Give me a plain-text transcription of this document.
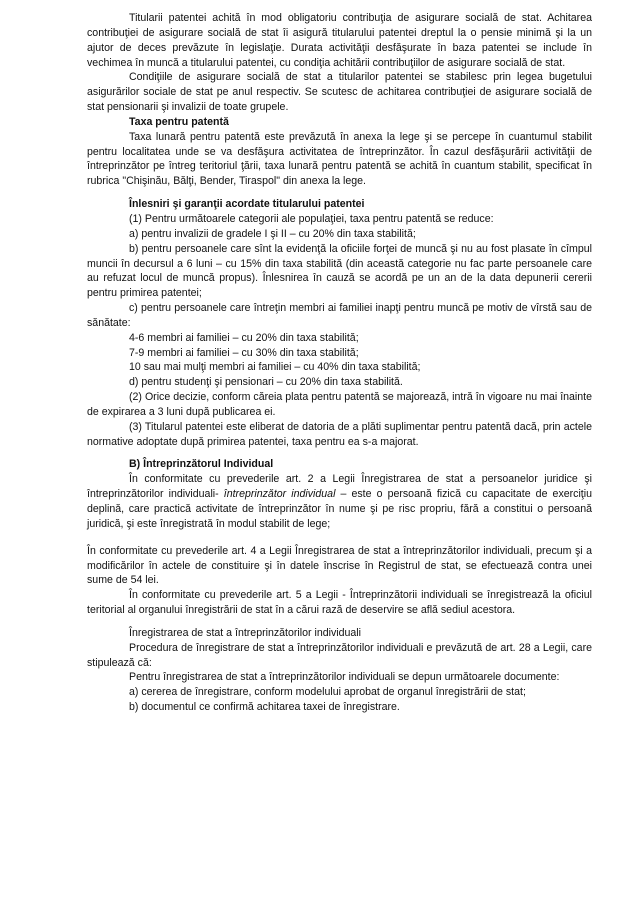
Titularii patentei achită în mod obligatoriu contribuţia de asigurare socială de stat. Achitarea contribuţiei de asigurare socială de stat îi asigură titularului patentei dreptul la o pensie minimă şi la un ajutor de deces prevăzute în legislaţie. Durata activităţii desfăşurate în baza patentei se include în vechimea în muncă a titularului patentei, cu condiţia achitării contribuţiilor de asigurare socială de stat.

Condiţiile de asigurare socială de stat a titularilor patentei se stabilesc prin legea bugetului asigurărilor sociale de stat pe anul respectiv. Se scutesc de achitarea contribuţiei de asigurare socială de stat pensionarii şi invalizii de toate grupele.

Taxa pentru patentă

Taxa lunară pentru patentă este prevăzută în anexa la lege şi se percepe în cuantumul stabilit pentru localitatea unde se va desfăşura activitatea de întreprinzător. În cazul desfăşurării activităţii de întreprinzător pe întreg teritoriul ţării, taxa lunară pentru patentă se achită în cuantum stabilit, specificat în rubrica "Chişinău, Bălţi, Bender, Tiraspol" din anexa la lege.

Înlesniri şi garanţii acordate titularului patentei

(1) Pentru următoarele categorii ale populaţiei, taxa pentru patentă se reduce:

a) pentru invalizii de gradele I şi II – cu 20% din taxa stabilită;

b) pentru persoanele care sînt la evidenţă la oficiile forţei de muncă şi nu au fost plasate în cîmpul muncii în decursul a 6 luni – cu 15% din taxa stabilită (din această categorie nu fac parte persoanele care au refuzat locul de muncă propus). Înlesnirea în cauză se acordă pe un an de la data depunerii cererii pentru primirea patentei;

c) pentru persoanele care întreţin membri ai familiei inapţi pentru muncă pe motiv de vîrstă sau de sănătate:

4-6 membri ai familiei – cu 20% din taxa stabilită;

7-9 membri ai familiei – cu 30% din taxa stabilită;

10 sau mai mulţi membri ai familiei – cu 40% din taxa stabilită;

d) pentru studenţi şi pensionari – cu 20% din taxa stabilită.

(2) Orice decizie, conform căreia plata pentru patentă se majorează, intră în vigoare nu mai înainte de expirarea a 3 luni după publicarea ei.

(3) Titularul patentei este eliberat de datoria de a plăti suplimentar pentru patentă dacă, prin actele normative adoptate după primirea patentei, taxa pentru ea s-a majorat.

B) Întreprinzătorul Individual

În conformitate cu prevederile art. 2 a Legii Înregistrarea de stat a persoanelor juridice şi întreprinzătorilor individuali- întreprinzător individual – este o persoană fizică cu capacitate de exerciţiu deplină, care practică activitate de întreprinzător în nume şi pe risc propriu, fără a constitui o persoană juridică, şi este înregistrată în modul stabilit de lege;

În conformitate cu prevederile art. 4 a Legii Înregistrarea de stat a întreprinzătorilor individuali, precum şi a modificărilor în actele de constituire şi în datele înscrise în Registrul de stat, se efectuează contra unei sume de 54 lei.

În conformitate cu prevederile art. 5 a Legii - Întreprinzătorii individuali se înregistrează la oficiul teritorial al organului înregistrării de stat în a cărui rază de deservire se află sediul acestora.

Înregistrarea de stat a întreprinzătorilor individuali

Procedura de înregistrare de stat a întreprinzătorilor individuali e prevăzută de art. 28 a Legii, care stipulează că:

Pentru înregistrarea de stat a întreprinzătorilor individuali se depun următoarele documente:

a) cererea de înregistrare, conform modelului aprobat de organul înregistrării de stat;

b) documentul ce confirmă achitarea taxei de înregistrare.
